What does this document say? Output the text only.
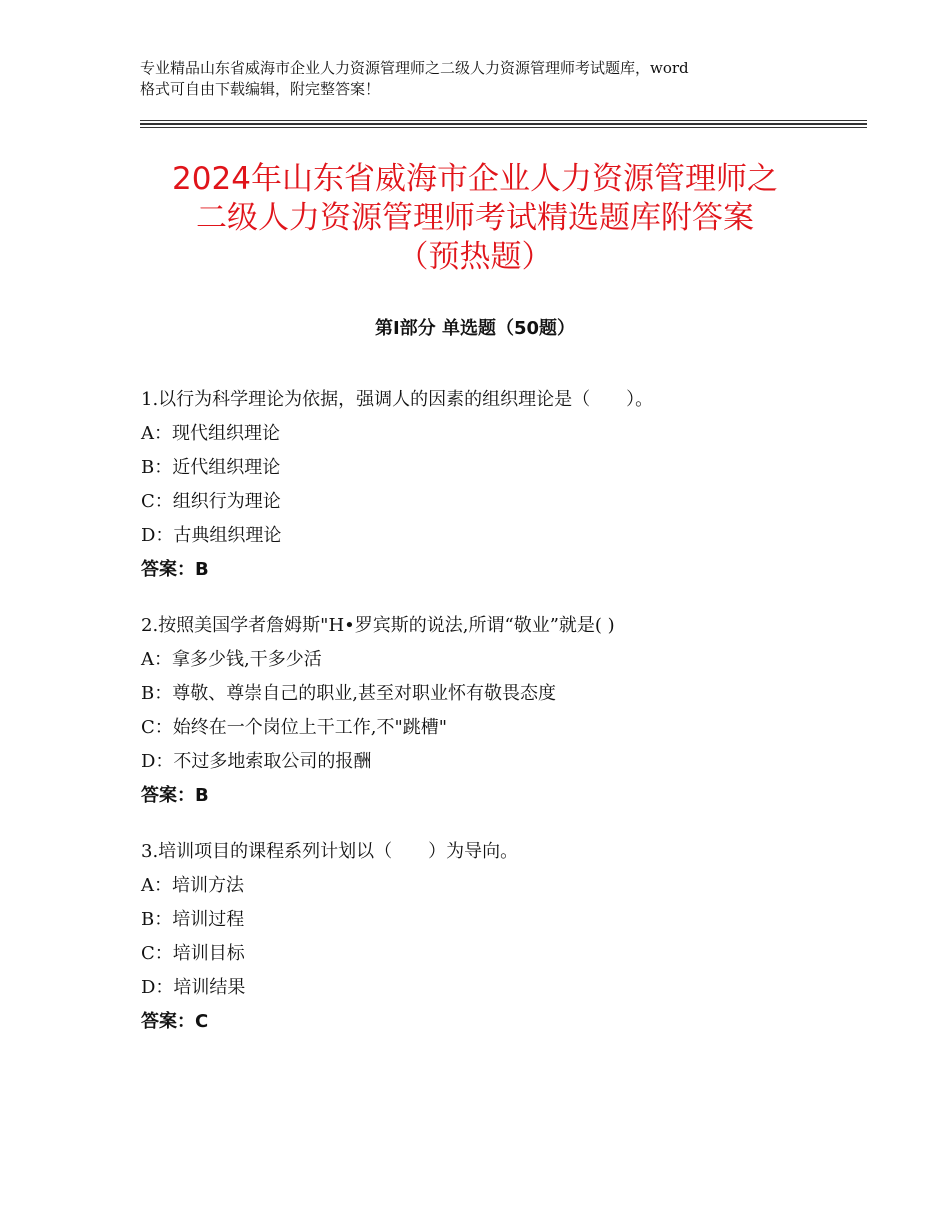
专业精品山东省威海市企业人力资源管理师之二级人力资源管理师考试题库，word
格式可自由下载编辑，附完整答案！
2024年山东省威海市企业人力资源管理师之
二级人力资源管理师考试精选题库附答案
（预热题）
第Ⅰ部分 单选题（50题）
1.以行为科学理论为依据，强调人的因素的组织理论是（　　）。
A：现代组织理论
B：近代组织理论
C：组织行为理论
D：古典组织理论
答案：B
2.按照美国学者詹姆斯"H•罗宾斯的说法,所谓“敬业”就是( )
A：拿多少钱,干多少活
B：尊敬、尊崇自己的职业,甚至对职业怀有敬畏态度
C：始终在一个岗位上干工作,不"跳槽"
D：不过多地索取公司的报酬
答案：B
3.培训项目的课程系列计划以（　　）为导向。
A：培训方法
B：培训过程
C：培训目标
D：培训结果
答案：C
